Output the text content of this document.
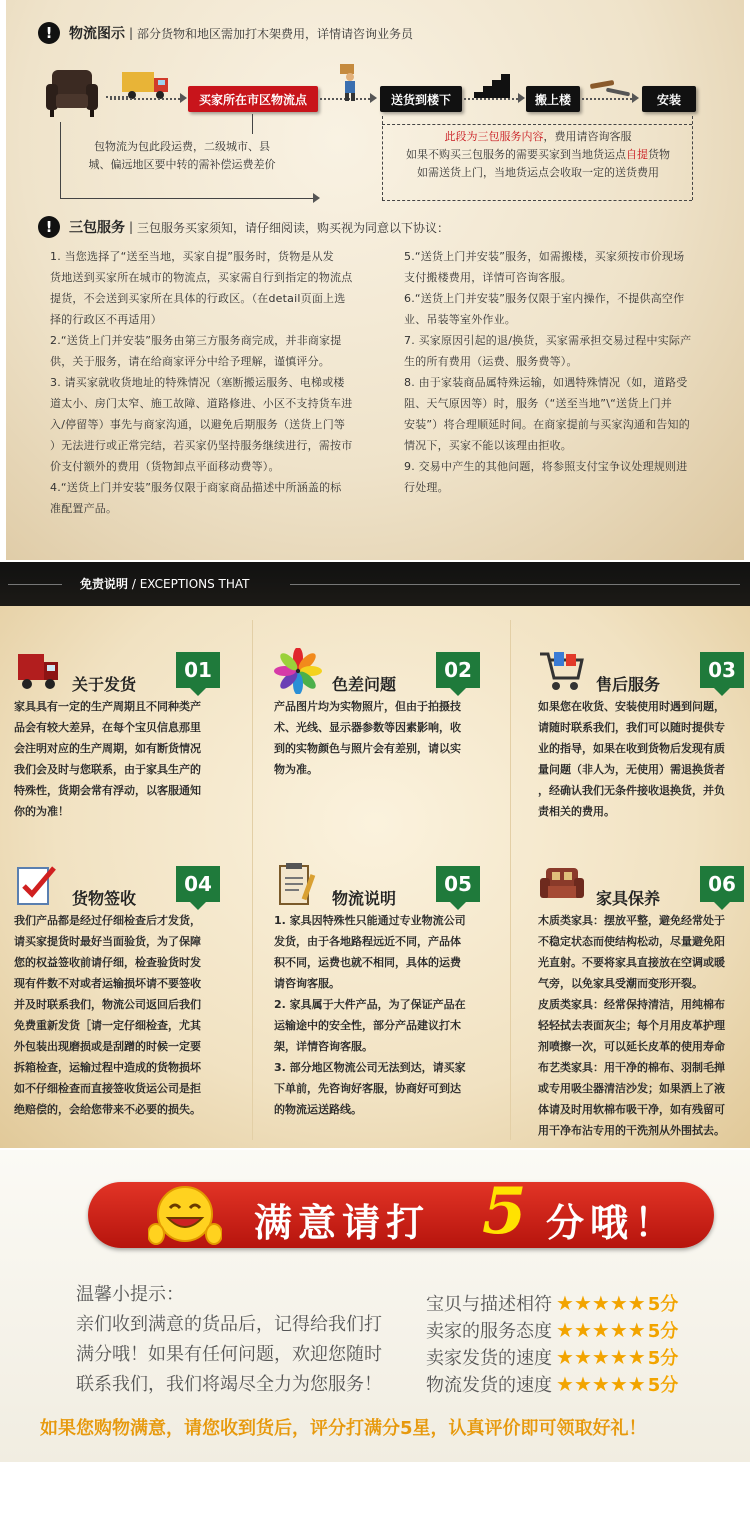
!	物流图示 | 部分货物和地区需加打木架费用，详情请咨询业务员
买家所在市区物流点	送货到楼下	搬上楼	安装
包物流为包此段运费，二级城市、县
城、偏远地区要中转的需补偿运费差价
此段为三包服务内容，费用请咨询客服
如果不购买三包服务的需要买家到当地货运点自提货物
如需送货上门，当地货运点会收取一定的送货费用
!	三包服务 | 三包服务买家须知，请仔细阅读，购买视为同意以下协议：

1. 当您选择了“送至当地，买家自提”服务时，货物是从发

货地送到买家所在城市的物流点，买家需自行到指定的物流点

提货，不会送到买家所在具体的行政区。（在detail页面上选

择的行政区不再适用）

2.“送货上门并安装”服务由第三方服务商完成，并非商家提

供，关于服务，请在给商家评分中给予理解，谨慎评分。

3. 请买家就收货地址的特殊情况（塞断搬运服务、电梯或楼

道太小、房门太窄、施工故障、道路修进、小区不支持货车进

入/停留等）事先与商家沟通，以避免后期服务（送货上门等

）无法进行或正常完结，若买家仍坚持服务继续进行，需按市

价支付额外的费用（货物卸点平面移动费等）。

4.“送货上门并安装”服务仅限于商家商品描述中所涵盖的标

准配置产品。

5.“送货上门并安装”服务，如需搬楼，买家须按市价现场

支付搬楼费用，详情可咨询客服。

6.“送货上门并安装”服务仅限于室内操作，不提供高空作

业、吊装等室外作业。

7. 买家原因引起的退/换货，买家需承担交易过程中实际产

生的所有费用（运费、服务费等）。

8. 由于家装商品属特殊运输，如遇特殊情况（如，道路受

阻、天气原因等）时，服务（“送至当地”\“送货上门并

安装”）将合理顺延时间。在商家提前与买家沟通和告知的

情况下，买家不能以该理由拒收。

9. 交易中产生的其他问题，将参照支付宝争议处理规则进

行处理。

免责说明 / EXCEPTIONS THAT
关于发货
01
家具具有一定的生产周期且不同种类产
品会有较大差异，在每个宝贝信息那里
会注明对应的生产周期，如有断货情况
我们会及时与您联系，由于家具生产的
特殊性，货期会常有浮动，以客服通知
你的为准！
色差问题
02
产品图片均为实物照片，但由于拍摄技
术、光线、显示器参数等因素影响，收
到的实物颜色与照片会有差别，请以实
物为准。
售后服务
03
如果您在收货、安装使用时遇到问题，
请随时联系我们，我们可以随时提供专
业的指导，如果在收到货物后发现有质
量问题（非人为，无使用）需退换货者
，经确认我们无条件接收退换货，并负
责相关的费用。
货物签收
04
我们产品都是经过仔细检查后才发货，
请买家提货时最好当面验货，为了保障
您的权益签收前请仔细，检查验货时发
现有件数不对或者运输损坏请不要签收
并及时联系我们，物流公司返回后我们
免费重新发货［请一定仔细检查，尤其
外包装出现磨损或是刮蹭的时候一定要
拆箱检查，运输过程中造成的货物损坏
如不仔细检查而直接签收货运公司是拒
绝赔偿的，会给您带来不必要的损失。
物流说明
05
1. 家具因特殊性只能通过专业物流公司
发货，由于各地路程远近不同，产品体
积不同，运费也就不相同，具体的运费
请咨询客服。
2. 家具属于大件产品，为了保证产品在
运输途中的安全性，部分产品建议打木
架，详情咨询客服。
3. 部分地区物流公司无法到达，请买家
下单前，先咨询好客服，协商好可到达
的物流运送路线。
家具保养
06
木质类家具：摆放平整，避免经常处于
不稳定状态而使结构松动，尽量避免阳
光直射。不要将家具直接放在空调或暖
气旁，以免家具受潮而变形开裂。
皮质类家具：经常保持清洁，用纯棉布
轻轻拭去表面灰尘；每个月用皮革护理
剂喷擦一次，可以延长皮革的使用寿命
布艺类家具：用干净的棉布、羽制毛掸
或专用吸尘器清洁沙发；如果洒上了液
体请及时用软棉布吸干净，如有残留可
用干净布沾专用的干洗剂从外围拭去。
满意请打 5 分哦！
温馨小提示：
亲们收到满意的货品后，记得给我们打
满分哦！如果有任何问题，欢迎您随时
联系我们，我们将竭尽全力为您服务！
宝贝与描述相符 ★ ★ ★ ★ ★ 5分
卖家的服务态度 ★ ★ ★ ★ ★ 5分
卖家发货的速度 ★ ★ ★ ★ ★ 5分
物流发货的速度 ★ ★ ★ ★ ★ 5分
如果您购物满意，请您收到货后，评分打满分5星，认真评价即可领取好礼！
